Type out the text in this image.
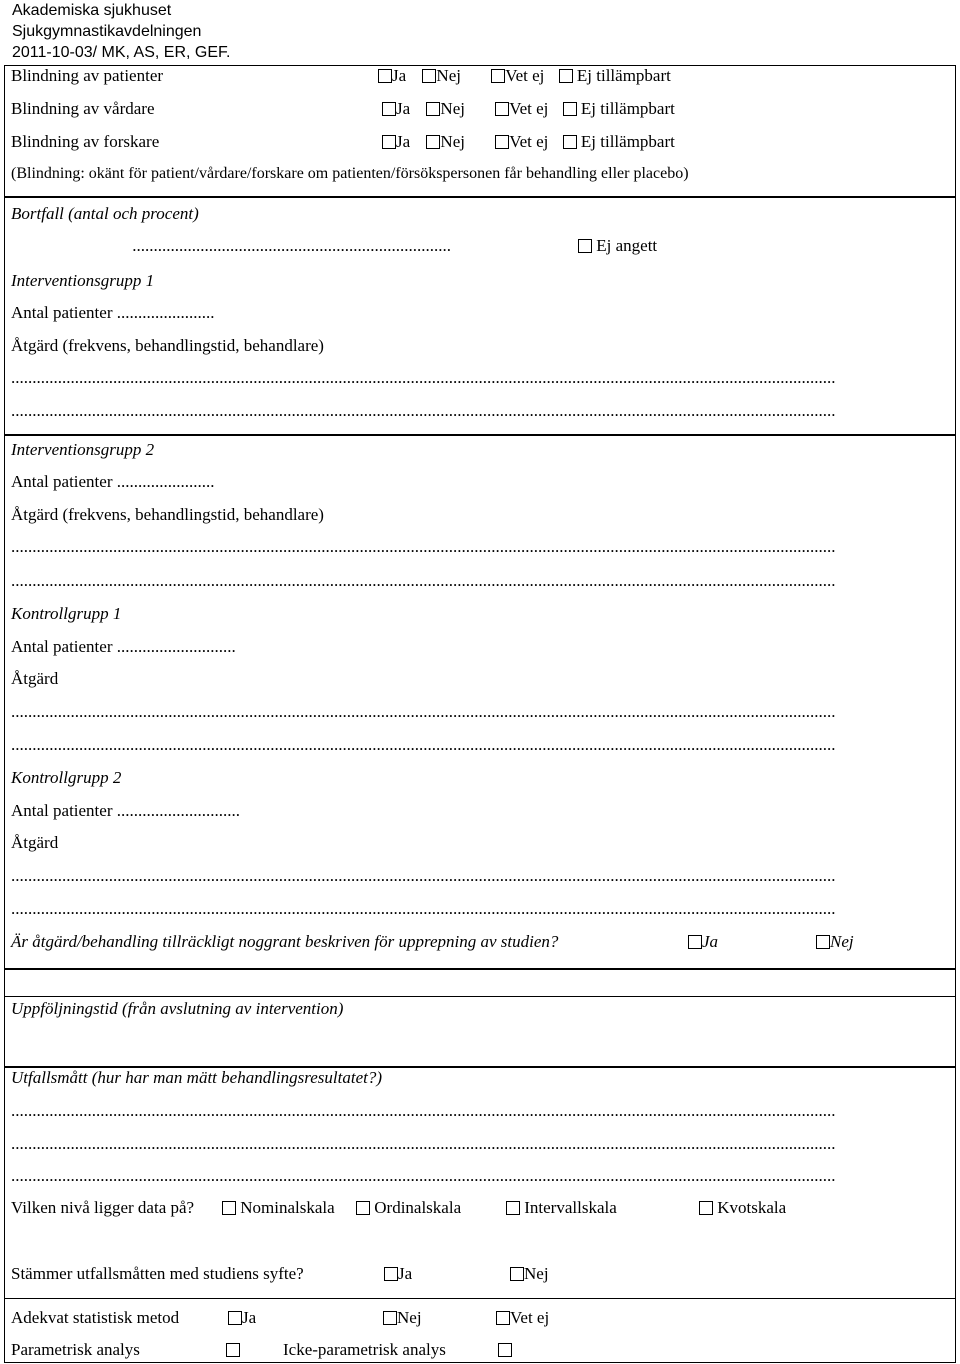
Akademiska sjukhuset
Sjukgymnastikavdelningen
2011-10-03/ MK, AS, ER, GEF.
Blindning av patienter	Ja Nej	Vet ej Ej tillämpbart
Blindning av vårdare	Ja Nej	Vet ej Ej tillämpbart
Blindning av forskare	Ja Nej	Vet ej Ej tillämpbart
(Blindning: okänt för patient/vårdare/forskare om patienten/försökspersonen får behandling eller placebo)
Bortfall (antal och procent)
...........................................................................	Ej angett
Interventionsgrupp 1
Antal patienter .......................
Åtgärd (frekvens, behandlingstid, behandlare)
..................................................................................................................................................................................................
..................................................................................................................................................................................................
Interventionsgrupp 2
Antal patienter .......................
Åtgärd (frekvens, behandlingstid, behandlare)
..................................................................................................................................................................................................
..................................................................................................................................................................................................
Kontrollgrupp 1
Antal patienter ............................
Åtgärd
..................................................................................................................................................................................................
..................................................................................................................................................................................................
Kontrollgrupp 2
Antal patienter .............................
Åtgärd
..................................................................................................................................................................................................
..................................................................................................................................................................................................
Är åtgärd/behandling tillräckligt noggrant beskriven för upprepning av studien?	Ja	Nej
Uppföljningstid (från avslutning av intervention)
Utfallsmått (hur har man mätt behandlingsresultatet?)
..................................................................................................................................................................................................
..................................................................................................................................................................................................
..................................................................................................................................................................................................
Vilken nivå ligger data på?	Nominalskala	Ordinalskala	Intervallskala	Kvotskala
Stämmer utfallsmåtten med studiens syfte?	Ja	Nej
Adekvat statistisk metod	Ja	Nej	Vet ej
Parametrisk analys	Icke-parametrisk analys
